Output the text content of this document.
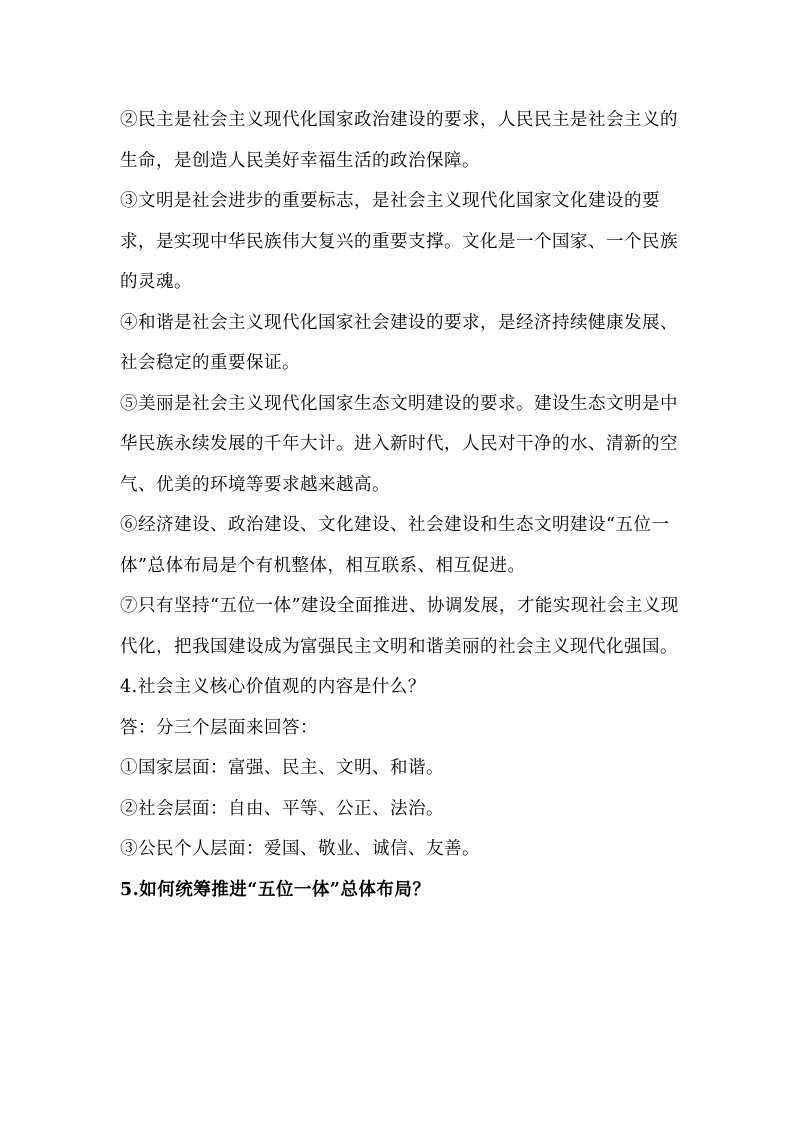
②民主是社会主义现代化国家政治建设的要求，人民民主是社会主义的生命，是创造人民美好幸福生活的政治保障。

③文明是社会进步的重要标志，是社会主义现代化国家文化建设的要求，是实现中华民族伟大复兴的重要支撑。文化是一个国家、一个民族的灵魂。

④和谐是社会主义现代化国家社会建设的要求，是经济持续健康发展、社会稳定的重要保证。

⑤美丽是社会主义现代化国家生态文明建设的要求。建设生态文明是中华民族永续发展的千年大计。进入新时代，人民对干净的水、清新的空气、优美的环境等要求越来越高。

⑥经济建设、政治建设、文化建设、社会建设和生态文明建设“五位一体”总体布局是个有机整体，相互联系、相互促进。

⑦只有坚持“五位一体”建设全面推进、协调发展，才能实现社会主义现代化，把我国建设成为富强民主文明和谐美丽的社会主义现代化强国。

4.社会主义核心价值观的内容是什么？

答：分三个层面来回答：

①国家层面：富强、民主、文明、和谐。

②社会层面：自由、平等、公正、法治。

③公民个人层面：爱国、敬业、诚信、友善。

5.如何统筹推进“五位一体”总体布局？
